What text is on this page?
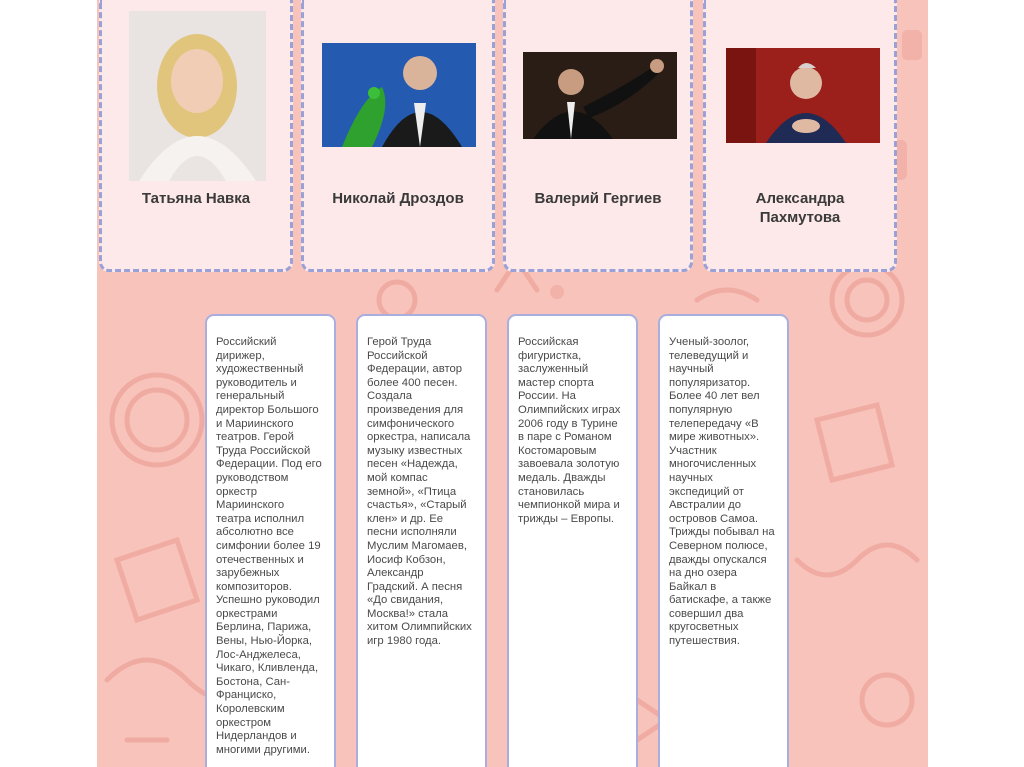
Татьяна Навка	Николай Дроздов	Валерий Гергиев	Александра
Пахмутова
Российский
дирижер,
художественный
руководитель и
генеральный
директор Большого
и Мариинского
театров. Герой
Труда Российской
Федерации. Под его
руководством
оркестр
Мариинского
театра исполнил
абсолютно все
симфонии более 19
отечественных и
зарубежных
композиторов.
Успешно руководил
оркестрами
Берлина, Парижа,
Вены, Нью-Йорка,
Лос-Анджелеса,
Чикаго, Кливленда,
Бостона, Сан-
Франциско,
Королевским
оркестром
Нидерландов и
многими другими.
Герой Труда
Российской
Федерации, автор
более 400 песен.
Создала
произведения для
симфонического
оркестра, написала
музыку известных
песен «Надежда,
мой компас
земной», «Птица
счастья», «Старый
клен» и др. Ее
песни исполняли
Муслим Магомаев,
Иосиф Кобзон,
Александр
Градский. А песня
«До свидания,
Москва!» стала
хитом Олимпийских
игр 1980 года.
Российская
фигуристка,
заслуженный
мастер спорта
России. На
Олимпийских играх
2006 году в Турине
в паре с Романом
Костомаровым
завоевала золотую
медаль. Дважды
становилась
чемпионкой мира и
трижды – Европы.
Ученый-зоолог,
телеведущий и
научный
популяризатор.
Более 40 лет вел
популярную
телепередачу «В
мире животных».
Участник
многочисленных
научных
экспедиций от
Австралии до
островов Самоа.
Трижды побывал на
Северном полюсе,
дважды опускался
на дно озера
Байкал в
батискафе, а также
совершил два
кругосветных
путешествия.
